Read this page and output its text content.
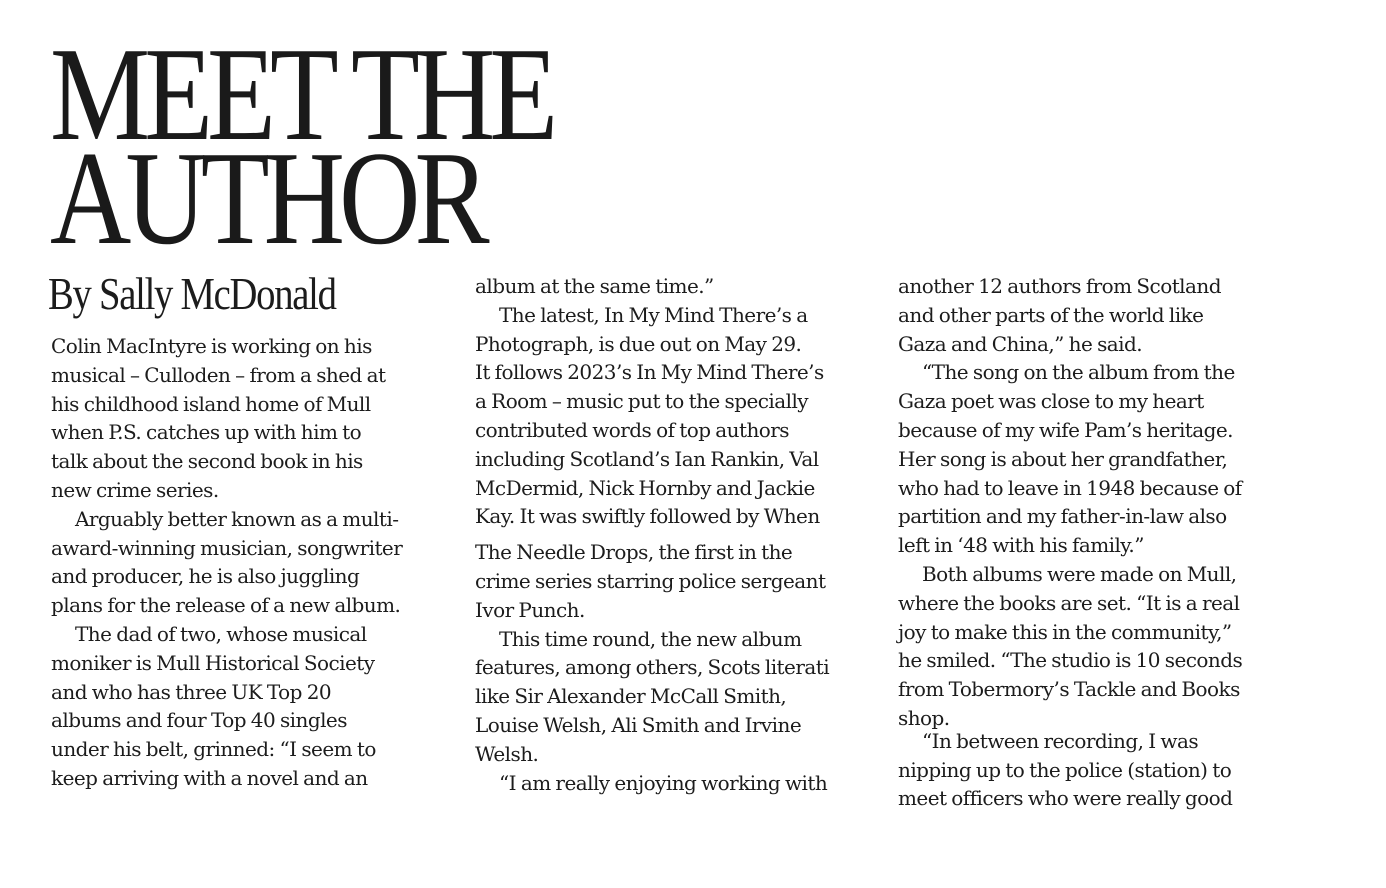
MEET THE
AUTHOR

By Sally McDonald

Colin MacIntyre is working on his
musical – Culloden – from a shed at
his childhood island home of Mull
when P.S. catches up with him to
talk about the second book in his
new crime series.
Arguably better known as a multi-
award-winning musician, songwriter
and producer, he is also juggling
plans for the release of a new album.
The dad of two, whose musical
moniker is Mull Historical Society
and who has three UK Top 20
albums and four Top 40 singles
under his belt, grinned: “I seem to
keep arriving with a novel and an
album at the same time.”
The latest, In My Mind There’s a
Photograph, is due out on May 29.
It follows 2023’s In My Mind There’s
a Room – music put to the specially
contributed words of top authors
including Scotland’s Ian Rankin, Val
McDermid, Nick Hornby and Jackie
Kay. It was swiftly followed by When
The Needle Drops, the first in the
crime series starring police sergeant
Ivor Punch.
This time round, the new album
features, among others, Scots literati
like Sir Alexander McCall Smith,
Louise Welsh, Ali Smith and Irvine
Welsh.
“I am really enjoying working with
another 12 authors from Scotland
and other parts of the world like
Gaza and China,” he said.
“The song on the album from the
Gaza poet was close to my heart
because of my wife Pam’s heritage.
Her song is about her grandfather,
who had to leave in 1948 because of
partition and my father-in-law also
left in ‘48 with his family.”
Both albums were made on Mull,
where the books are set. “It is a real
joy to make this in the community,”
he smiled. “The studio is 10 seconds
from Tobermory’s Tackle and Books
shop.
“In between recording, I was
nipping up to the police (station) to
meet officers who were really good
